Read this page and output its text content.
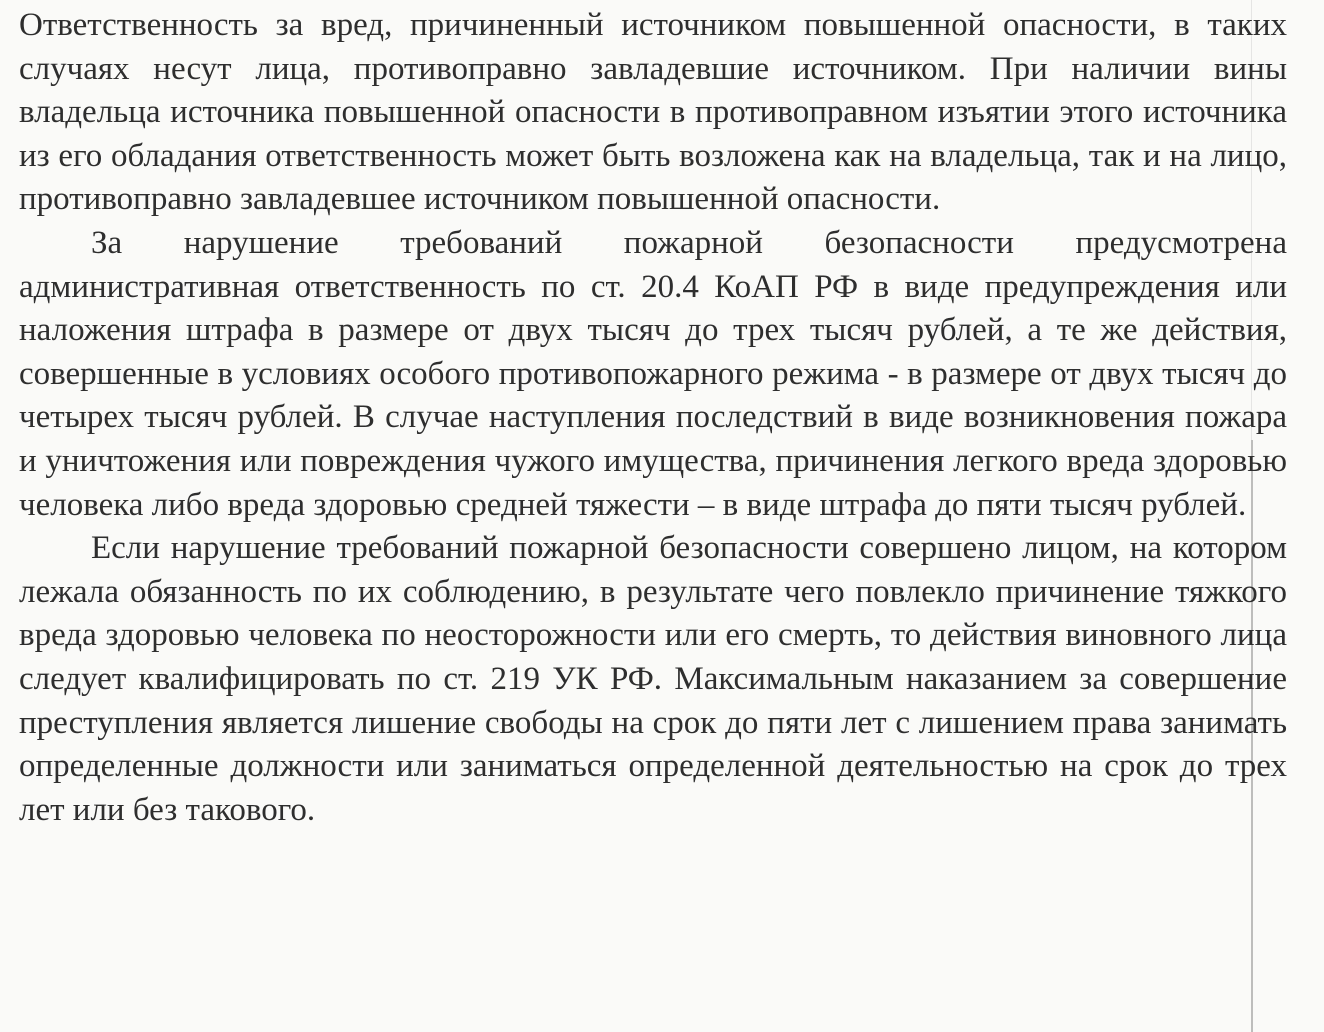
Ответственность за вред, причиненный источником повышенной опасности, в таких случаях несут лица, противоправно завладевшие источником. При наличии вины владельца источника повышенной опасности в противоправном изъятии этого источника из его обладания ответственность может быть возложена как на владельца, так и на лицо, противоправно завладевшее источником повышенной опасности.

За нарушение требований пожарной безопасности предусмотрена административная ответственность по ст. 20.4 КоАП РФ в виде предупреждения или наложения штрафа в размере от двух тысяч до трех тысяч рублей, а те же действия, совершенные в условиях особого противопожарного режима - в размере от двух тысяч до четырех тысяч рублей. В случае наступления последствий в виде возникновения пожара и уничтожения или повреждения чужого имущества, причинения легкого вреда здоровью человека либо вреда здоровью средней тяжести – в виде штрафа до пяти тысяч рублей.

Если нарушение требований пожарной безопасности совершено лицом, на котором лежала обязанность по их соблюдению, в результате чего повлекло причинение тяжкого вреда здоровью человека по неосторожности или его смерть, то действия виновного лица следует квалифицировать по ст. 219 УК РФ. Максимальным наказанием за совершение преступления является лишение свободы на срок до пяти лет с лишением права занимать определенные должности или заниматься определенной деятельностью на срок до трех лет или без такового.
